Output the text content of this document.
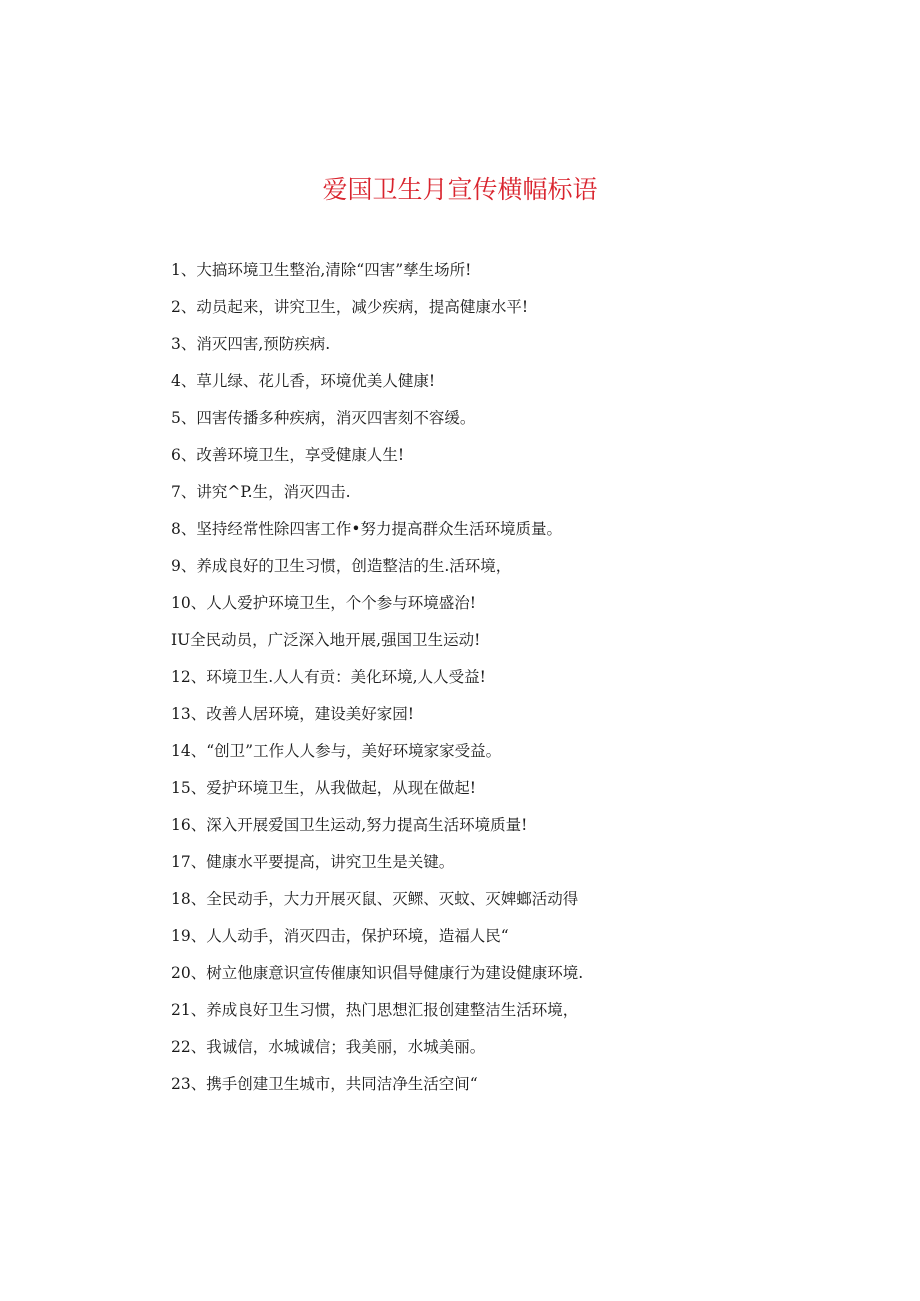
爱国卫生月宣传横幅标语
1、大搞环境卫生整治,清除“四害”孳生场所!
2、动员起来，讲究卫生，减少疾病，提高健康水平!
3、消灭四害,预防疾病.
4、草儿绿、花儿香，环境优美人健康!
5、四害传播多种疾病，消灭四害刻不容缓。
6、改善环境卫生，享受健康人生!
7、讲究^P.生，消灭四击.
8、坚持经常性除四害工作•努力提高群众生活环境质量。
9、养成良好的卫生习惯，创造整洁的生.活环境，
10、人人爱护环境卫生，个个参与环境盛治!
IU全民动员，广泛深入地开展,强国卫生运动!
12、环境卫生.人人有贡：美化环境,人人受益!
13、改善人居环境，建设美好家园!
14、“创卫”工作人人参与，美好环境家家受益。
15、爱护环境卫生，从我做起，从现在做起!
16、深入开展爱国卫生运动,努力提高生活环境质量!
17、健康水平要提高，讲究卫生是关键。
18、全民动手，大力开展灭鼠、灭鳏、灭蚊、灭婢螂活动得
19、人人动手，消灭四击，保护环境，造福人民“
20、树立他康意识宣传催康知识倡导健康行为建设健康环境.
21、养成良好卫生习惯，热门思想汇报创建整洁生活环境，
22、我诚信，水城诚信；我美丽，水城美丽。
23、携手创建卫生城市，共同洁净生活空间“
